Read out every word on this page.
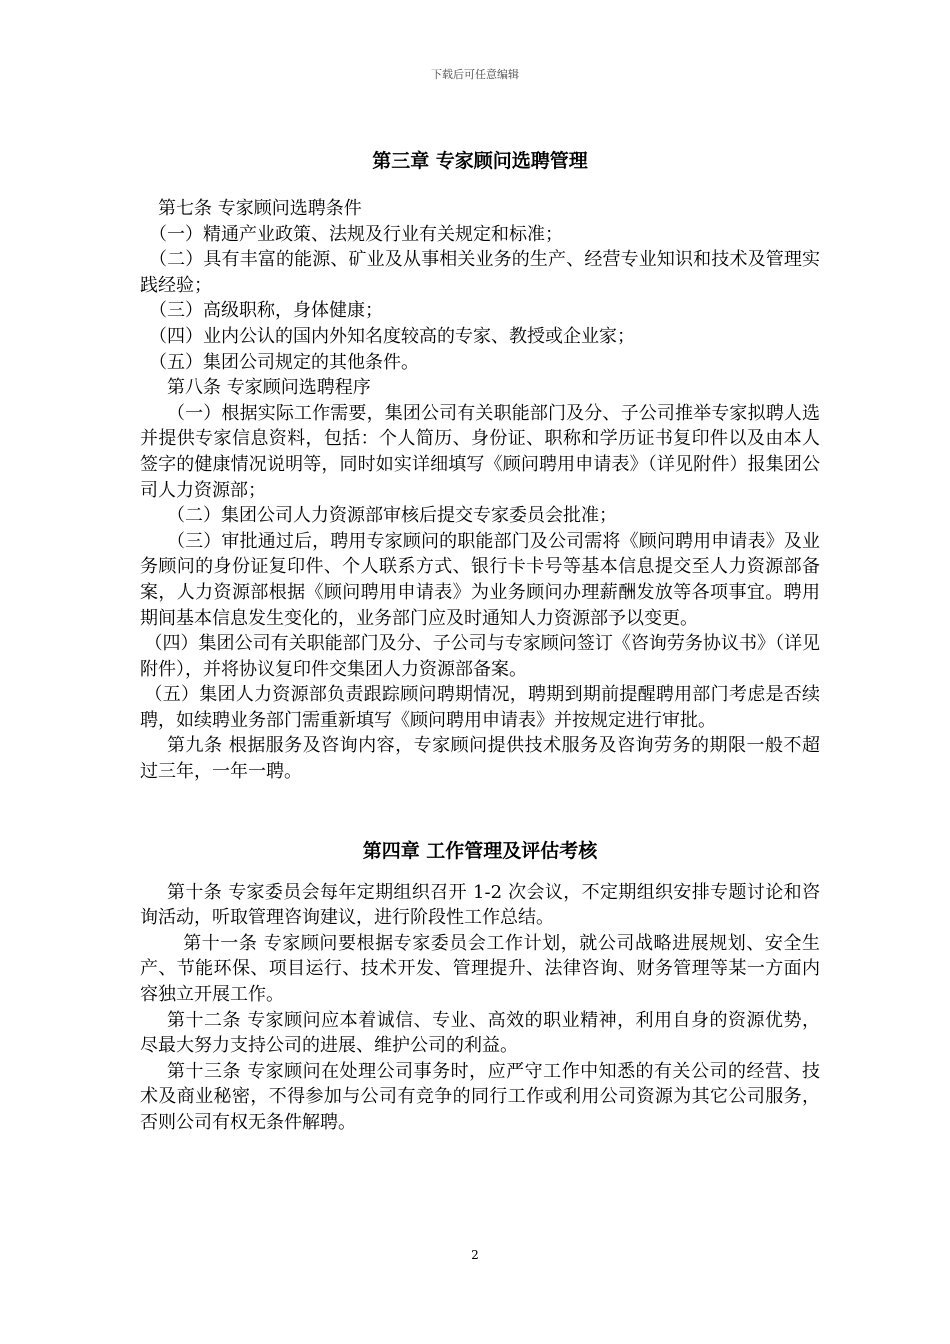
下载后可任意编辑
第三章 专家顾问选聘管理

第七条 专家顾问选聘条件

（一）精通产业政策、法规及行业有关规定和标准；

（二）具有丰富的能源、矿业及从事相关业务的生产、经营专业知识和技术及管理实践经验；

（三）高级职称，身体健康；

（四）业内公认的国内外知名度较高的专家、教授或企业家；

（五）集团公司规定的其他条件。

第八条 专家顾问选聘程序

（一）根据实际工作需要，集团公司有关职能部门及分、子公司推举专家拟聘人选并提供专家信息资料，包括：个人简历、身份证、职称和学历证书复印件以及由本人签字的健康情况说明等，同时如实详细填写《顾问聘用申请表》（详见附件）报集团公司人力资源部；

（二）集团公司人力资源部审核后提交专家委员会批准；

（三）审批通过后，聘用专家顾问的职能部门及公司需将《顾问聘用申请表》及业务顾问的身份证复印件、个人联系方式、银行卡卡号等基本信息提交至人力资源部备案，人力资源部根据《顾问聘用申请表》为业务顾问办理薪酬发放等各项事宜。聘用期间基本信息发生变化的，业务部门应及时通知人力资源部予以变更。

（四）集团公司有关职能部门及分、子公司与专家顾问签订《咨询劳务协议书》（详见附件），并将协议复印件交集团人力资源部备案。

（五）集团人力资源部负责跟踪顾问聘期情况，聘期到期前提醒聘用部门考虑是否续聘，如续聘业务部门需重新填写《顾问聘用申请表》并按规定进行审批。

第九条 根据服务及咨询内容，专家顾问提供技术服务及咨询劳务的期限一般不超过三年，一年一聘。

第四章 工作管理及评估考核

第十条 专家委员会每年定期组织召开 1-2 次会议，不定期组织安排专题讨论和咨询活动，听取管理咨询建议，进行阶段性工作总结。

第十一条 专家顾问要根据专家委员会工作计划，就公司战略进展规划、安全生产、节能环保、项目运行、技术开发、管理提升、法律咨询、财务管理等某一方面内容独立开展工作。

第十二条 专家顾问应本着诚信、专业、高效的职业精神，利用自身的资源优势，尽最大努力支持公司的进展、维护公司的利益。

第十三条 专家顾问在处理公司事务时，应严守工作中知悉的有关公司的经营、技术及商业秘密，不得参加与公司有竞争的同行工作或利用公司资源为其它公司服务，否则公司有权无条件解聘。

2
